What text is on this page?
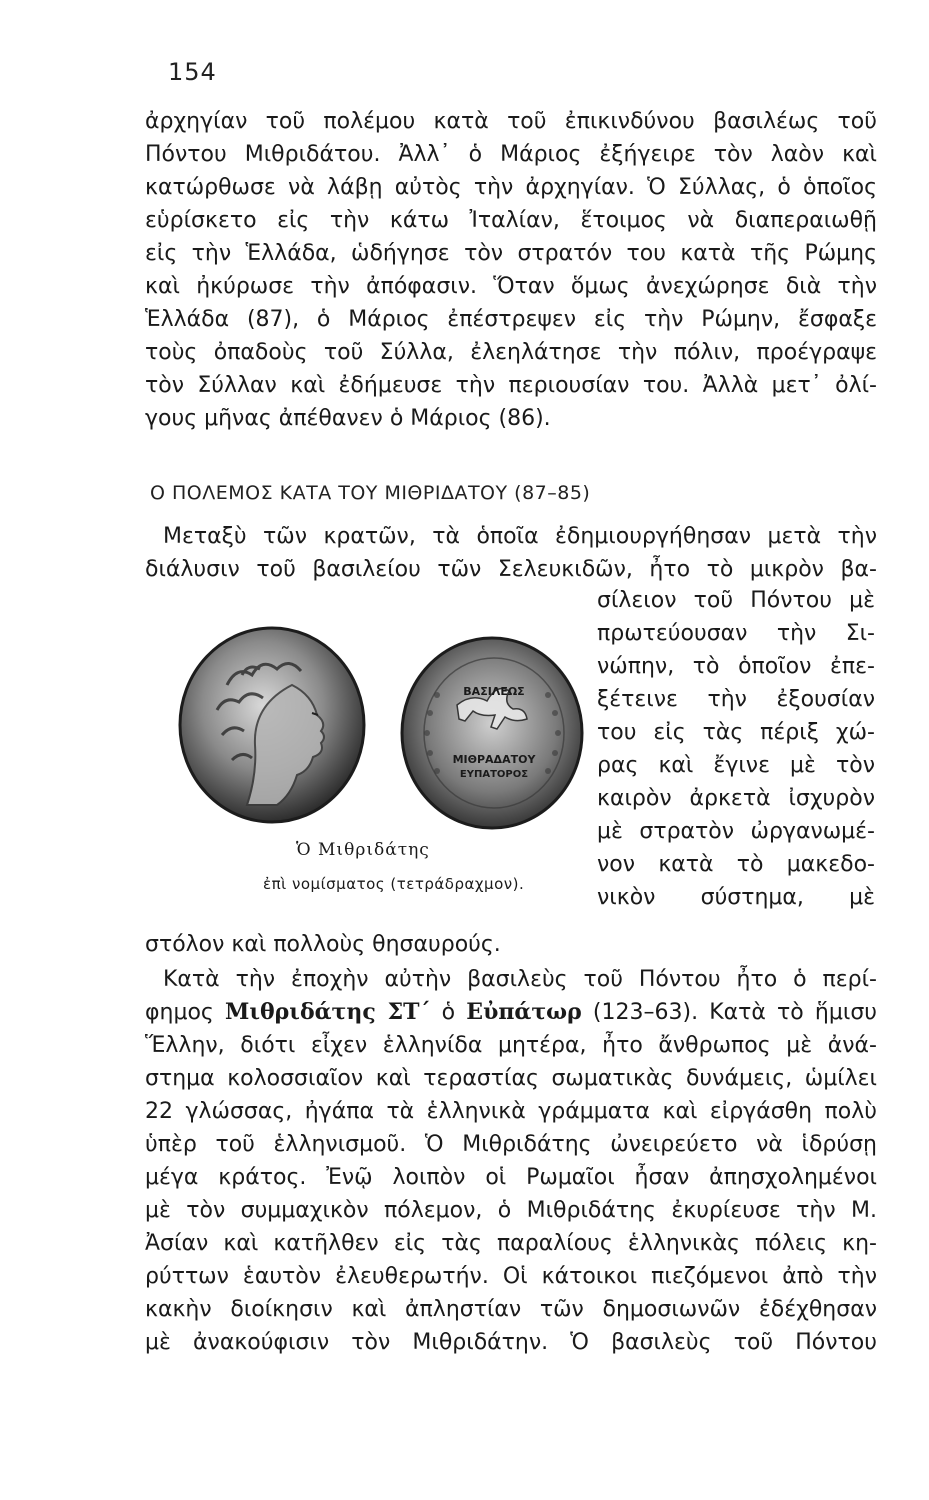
154
ἀρχηγίαν τοῦ πολέμου κατὰ τοῦ ἐπικινδύνου βασιλέως τοῦ
Πόντου Μιθριδάτου. Ἀλλ᾽ ὁ Μάριος ἐξήγειρε τὸν λαὸν καὶ
κατώρθωσε νὰ λάβῃ αὐτὸς τὴν ἀρχηγίαν. Ὁ Σύλλας, ὁ ὁποῖος
εὑρίσκετο εἰς τὴν κάτω Ἰταλίαν, ἕτοιμος νὰ διαπεραιωθῇ
εἰς τὴν Ἑλλάδα, ὡδήγησε τὸν στρατόν του κατὰ τῆς Ρώμης
καὶ ἠκύρωσε τὴν ἀπόφασιν. Ὅταν ὅμως ἀνεχώρησε διὰ τὴν
Ἑλλάδα (87), ὁ Μάριος ἐπέστρεψεν εἰς τὴν Ρώμην, ἔσφαξε
τοὺς ὀπαδοὺς τοῦ Σύλλα, ἐλεηλάτησε τὴν πόλιν, προέγραψε
τὸν Σύλλαν καὶ ἐδήμευσε τὴν περιουσίαν του. Ἀλλὰ μετ᾽ ὀλί-
γους μῆνας ἀπέθανεν ὁ Μάριος (86).
Ο ΠΟΛΕΜΟΣ ΚΑΤΑ ΤΟΥ ΜΙΘΡΙΔΑΤΟΥ (87–85)
Μεταξὺ τῶν κρατῶν, τὰ ὁποῖα ἐδημιουργήθησαν μετὰ τὴν
διάλυσιν τοῦ βασιλείου τῶν Σελευκιδῶν, ἦτο τὸ μικρὸν βα-
σίλειον τοῦ Πόντου μὲ
πρωτεύουσαν τὴν Σι-
νώπην, τὸ ὁποῖον ἐπε-
ξέτεινε τὴν ἐξουσίαν
του εἰς τὰς πέριξ χώ-
ρας καὶ ἔγινε μὲ τὸν
καιρὸν ἀρκετὰ ἰσχυρὸν
μὲ στρατὸν ὠργανωμέ-
νον κατὰ τὸ μακεδο-
νικὸν σύστημα, μὲ
ΒΑΣΙΛΕΩΣ
ΜΙΘΡΑΔΑΤΟΥ
ΕΥΠΑΤΟΡΟΣ
Ὁ Μιθριδάτης
ἐπὶ νομίσματος (τετράδραχμον).
στόλον καὶ πολλοὺς θησαυρούς.
Κατὰ τὴν ἐποχὴν αὐτὴν βασιλεὺς τοῦ Πόντου ἦτο ὁ περί-
φημος Μιθριδάτης ΣΤ΄ ὁ Εὐπάτωρ (123–63). Κατὰ τὸ ἥμισυ
Ἕλλην, διότι εἶχεν ἑλληνίδα μητέρα, ἦτο ἄνθρωπος μὲ ἀνά-
στημα κολοσσιαῖον καὶ τεραστίας σωματικὰς δυνάμεις, ὡμίλει
22 γλώσσας, ἠγάπα τὰ ἑλληνικὰ γράμματα καὶ εἰργάσθη πολὺ
ὑπὲρ τοῦ ἑλληνισμοῦ. Ὁ Μιθριδάτης ὠνειρεύετο νὰ ἱδρύσῃ
μέγα κράτος. Ἐνῷ λοιπὸν οἱ Ρωμαῖοι ἦσαν ἀπησχολημένοι
μὲ τὸν συμμαχικὸν πόλεμον, ὁ Μιθριδάτης ἐκυρίευσε τὴν Μ.
Ἀσίαν καὶ κατῆλθεν εἰς τὰς παραλίους ἑλληνικὰς πόλεις κη-
ρύττων ἑαυτὸν ἐλευθερωτήν. Οἱ κάτοικοι πιεζόμενοι ἀπὸ τὴν
κακὴν διοίκησιν καὶ ἀπληστίαν τῶν δημοσιωνῶν ἐδέχθησαν
μὲ ἀνακούφισιν τὸν Μιθριδάτην. Ὁ βασιλεὺς τοῦ Πόντου
